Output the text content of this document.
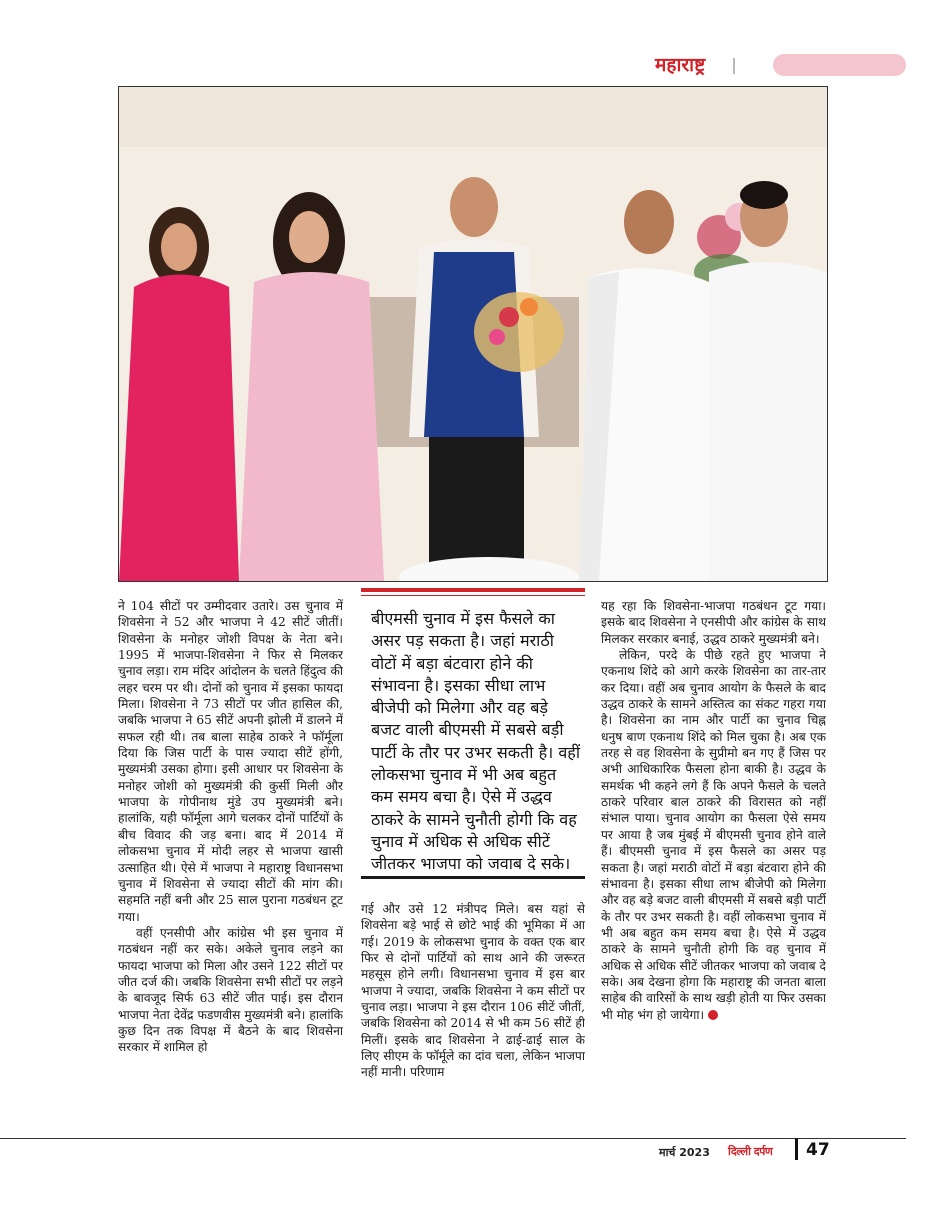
महाराष्ट्र

ने 104 सीटों पर उम्मीदवार उतारे। उस चुनाव में शिवसेना ने 52 और भाजपा ने 42 सीटें जीतीं। शिवसेना के मनोहर जोशी विपक्ष के नेता बने। 1995 में भाजपा-शिवसेना ने फिर से मिलकर चुनाव लड़ा। राम मंदिर आंदोलन के चलते हिंदुत्व की लहर चरम पर थी। दोनों को चुनाव में इसका फायदा मिला। शिवसेना ने 73 सीटों पर जीत हासिल की, जबकि भाजपा ने 65 सीटें अपनी झोली में डालने में सफल रही थी। तब बाला साहेब ठाकरे ने फॉर्मूला दिया कि जिस पार्टी के पास ज्यादा सीटें होंगी, मुख्यमंत्री उसका होगा। इसी आधार पर शिवसेना के मनोहर जोशी को मुख्यमंत्री की कुर्सी मिली और भाजपा के गोपीनाथ मुंडे उप मुख्यमंत्री बने। हालांकि, यही फॉर्मूला आगे चलकर दोनों पार्टियों के बीच विवाद की जड़ बना। बाद में 2014 में लोकसभा चुनाव में मोदी लहर से भाजपा खासी उत्साहित थी। ऐसे में भाजपा ने महाराष्ट्र विधानसभा चुनाव में शिवसेना से ज्यादा सीटों की मांग की। सहमति नहीं बनी और 25 साल पुराना गठबंधन टूट गया।

वहीं एनसीपी और कांग्रेस भी इस चुनाव में गठबंधन नहीं कर सके। अकेले चुनाव लड़ने का फायदा भाजपा को मिला और उसने 122 सीटों पर जीत दर्ज की। जबकि शिवसेना सभी सीटों पर लड़ने के बावजूद सिर्फ 63 सीटें जीत पाई। इस दौरान भाजपा नेता देवेंद्र फडणवीस मुख्यमंत्री बने। हालांकि कुछ दिन तक विपक्ष में बैठने के बाद शिवसेना सरकार में शामिल हो

बीएमसी चुनाव में इस फैसले का असर पड़ सकता है। जहां मराठी वोटों में बड़ा बंटवारा होने की संभावना है। इसका सीधा लाभ बीजेपी को मिलेगा और वह बड़े बजट वाली बीएमसी में सबसे बड़ी पार्टी के तौर पर उभर सकती है। वहीं लोकसभा चुनाव में भी अब बहुत कम समय बचा है। ऐसे में उद्धव ठाकरे के सामने चुनौती होगी कि वह चुनाव में अधिक से अधिक सीटें जीतकर भाजपा को जवाब दे सके।

गई और उसे 12 मंत्रीपद मिले। बस यहां से शिवसेना बड़े भाई से छोटे भाई की भूमिका में आ गई। 2019 के लोकसभा चुनाव के वक्त एक बार फिर से दोनों पार्टियों को साथ आने की जरूरत महसूस होने लगी। विधानसभा चुनाव में इस बार भाजपा ने ज्यादा, जबकि शिवसेना ने कम सीटों पर चुनाव लड़ा। भाजपा ने इस दौरान 106 सीटें जीतीं, जबकि शिवसेना को 2014 से भी कम 56 सीटें ही मिलीं। इसके बाद शिवसेना ने ढाई-ढाई साल के लिए सीएम के फॉर्मूले का दांव चला, लेकिन भाजपा नहीं मानी। परिणाम

यह रहा कि शिवसेना-भाजपा गठबंधन टूट गया। इसके बाद शिवसेना ने एनसीपी और कांग्रेस के साथ मिलकर सरकार बनाई, उद्धव ठाकरे मुख्यमंत्री बने।

लेकिन, परदे के पीछे रहते हुए भाजपा ने एकनाथ शिंदे को आगे करके शिवसेना का तार-तार कर दिया। वहीं अब चुनाव आयोग के फैसले के बाद उद्धव ठाकरे के सामने अस्तित्व का संकट गहरा गया है। शिवसेना का नाम और पार्टी का चुनाव चिह्न धनुष बाण एकनाथ शिंदे को मिल चुका है। अब एक तरह से वह शिवसेना के सुप्रीमो बन गए हैं जिस पर अभी आधिकारिक फैसला होना बाकी है। उद्धव के समर्थक भी कहने लगे हैं कि अपने फैसले के चलते ठाकरे परिवार बाल ठाकरे की विरासत को नहीं संभाल पाया। चुनाव आयोग का फैसला ऐसे समय पर आया है जब मुंबई में बीएमसी चुनाव होने वाले हैं। बीएमसी चुनाव में इस फैसले का असर पड़ सकता है। जहां मराठी वोटों में बड़ा बंटवारा होने की संभावना है। इसका सीधा लाभ बीजेपी को मिलेगा और वह बड़े बजट वाली बीएमसी में सबसे बड़ी पार्टी के तौर पर उभर सकती है। वहीं लोकसभा चुनाव में भी अब बहुत कम समय बचा है। ऐसे में उद्धव ठाकरे के सामने चुनौती होगी कि वह चुनाव में अधिक से अधिक सीटें जीतकर भाजपा को जवाब दे सके। अब देखना होगा कि महाराष्ट्र की जनता बाला साहेब की वारिसों के साथ खड़ी होती या फिर उसका भी मोह भंग हो जायेगा।

मार्च 2023 दिल्ली दर्पण 47
